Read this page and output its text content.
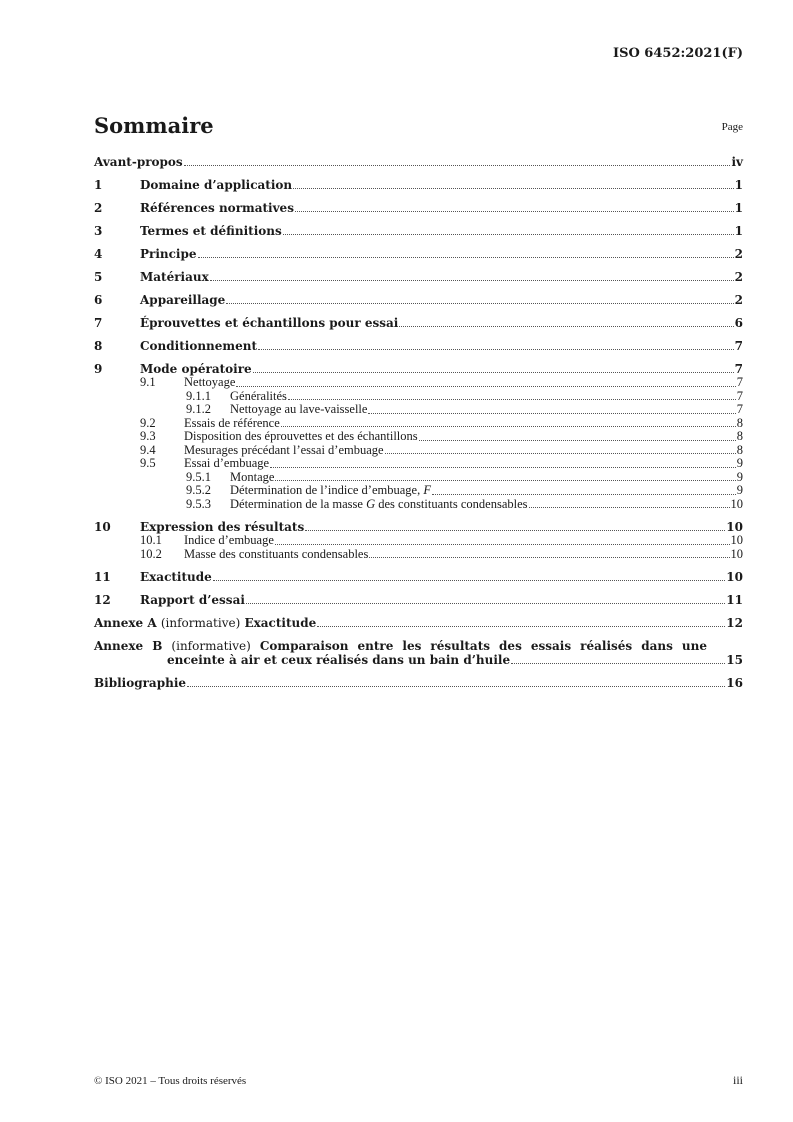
ISO 6452:2021(F)
Sommaire	Page
Avant-propos	iv
1	Domaine d’application	1
2	Références normatives	1
3	Termes et définitions	1
4	Principe	2
5	Matériaux	2
6	Appareillage	2
7	Éprouvettes et échantillons pour essai	6
8	Conditionnement	7
9	Mode opératoire	7
9.1 Nettoyage	7
9.1.1 Généralités	7
9.1.2 Nettoyage au lave-vaisselle	7
9.2 Essais de référence	8
9.3 Disposition des éprouvettes et des échantillons	8
9.4 Mesurages précédant l’essai d’embuage	8
9.5 Essai d’embuage	9
9.5.1 Montage	9
9.5.2 Détermination de l’indice d’embuage, F	9
9.5.3 Détermination de la masse G des constituants condensables	10
10 Expression des résultats	10
10.1 Indice d’embuage	10
10.2 Masse des constituants condensables	10
11 Exactitude	10
12 Rapport d’essai	11
Annexe A (informative) Exactitude	12
Annexe B (informative) Comparaison entre les résultats des essais réalisés dans une
enceinte à air et ceux réalisés dans un bain d’huile	15
Bibliographie	16
© ISO 2021 – Tous droits réservés	iii
